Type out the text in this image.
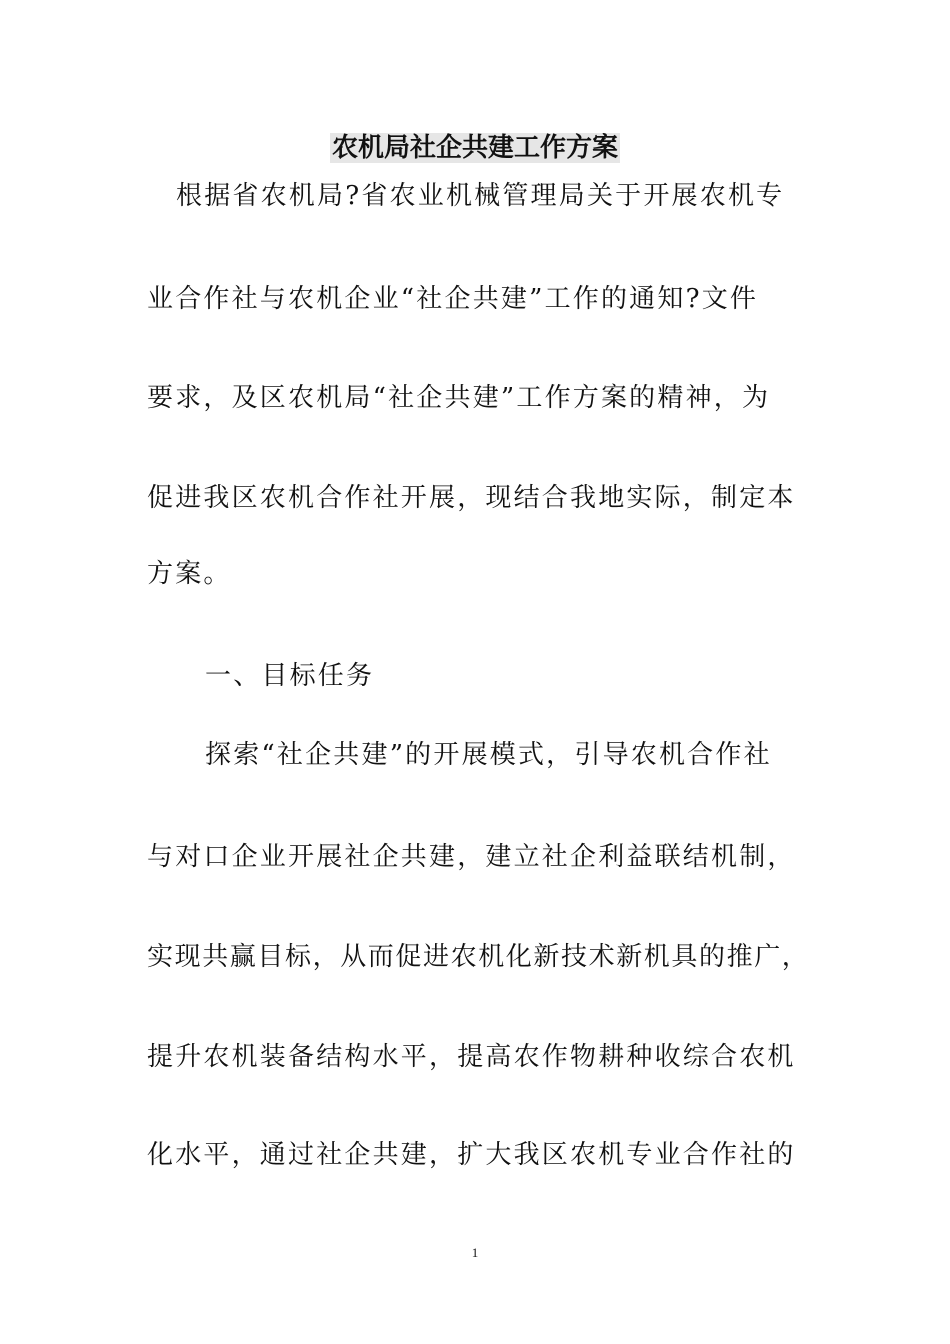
农机局社企共建工作方案
根据省农机局?省农业机械管理局关于开展农机专
业合作社与农机企业“社企共建”工作的通知?文件
要求，及区农机局“社企共建”工作方案的精神，为
促进我区农机合作社开展，现结合我地实际，制定本
方案。
一、目标任务
探索“社企共建”的开展模式，引导农机合作社
与对口企业开展社企共建，建立社企利益联结机制，
实现共赢目标，从而促进农机化新技术新机具的推广，
提升农机装备结构水平，提高农作物耕种收综合农机
化水平，通过社企共建，扩大我区农机专业合作社的
1
